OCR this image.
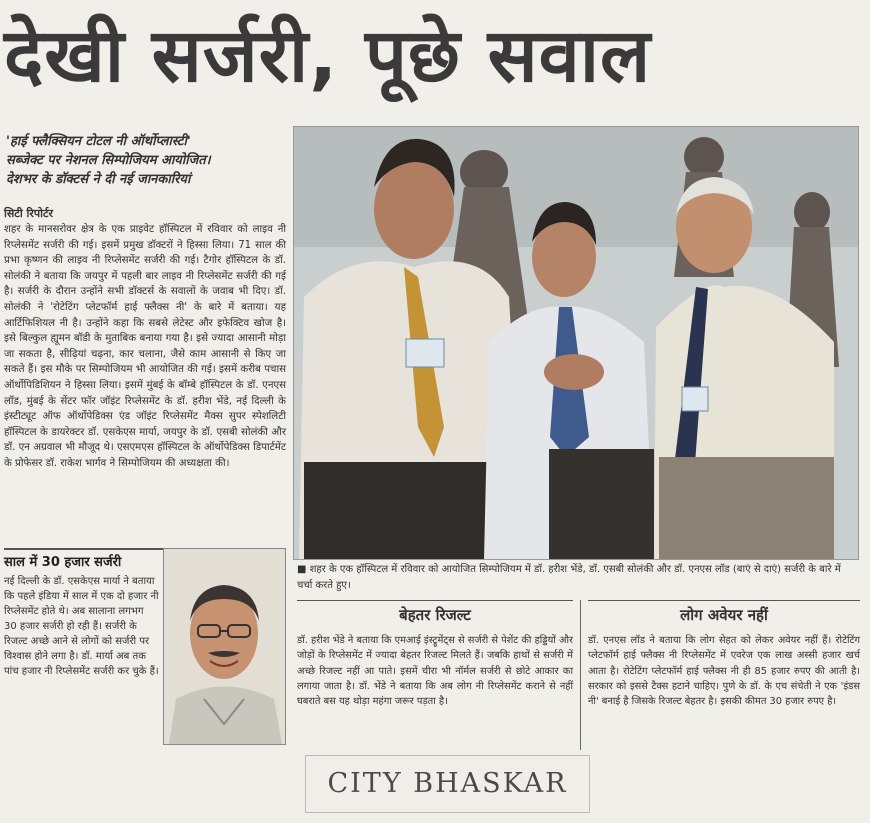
देखी सर्जरी, पूछे सवाल
'हाई फ्लैक्सियन टोटल नी ऑर्थोप्लास्टी'
सब्जेक्ट पर नेशनल सिम्पोजियम आयोजित।
देशभर के डॉक्टर्स ने दी नई जानकारियां
सिटी रिपोर्टर
शहर के मानसरोवर क्षेत्र के एक प्राइवेट हॉस्पिटल में रविवार को लाइव नी रिप्लेसमेंट सर्जरी की गई। इसमें प्रमुख डॉक्टरों ने हिस्सा लिया। 71 साल की प्रभा कृष्णन की लाइव नी रिप्लेसमेंट सर्जरी की गई। टैगोर हॉस्पिटल के डॉ. सोलंकी ने बताया कि जयपुर में पहली बार लाइव नी रिप्लेसमेंट सर्जरी की गई है। सर्जरी के दौरान उन्होंने सभी डॉक्टर्स के सवालों के जवाब भी दिए। डॉ. सोलंकी ने 'रोटेटिंग प्लेटफॉर्म हाई फ्लैक्स नी' के बारे में बताया। यह आर्टिफिशियल नी है। उन्होंने कहा कि सबसे लेटेस्ट और इफेक्टिव खोज है। इसे बिल्कुल ह्यूमन बॉडी के मुताबिक बनाया गया है। इसे ज्यादा आसानी मोड़ा जा सकता है, सीढ़ियां चढ़ना, कार चलाना, जैसे काम आसानी से किए जा सकते हैं। इस मौके पर सिम्पोजियम भी आयोजित की गई। इसमें करीब पचास ऑर्थोपिडिशियन ने हिस्सा लिया। इसमें मुंबई के बॉम्बे हॉस्पिटल के डॉ. एनएस लॉड, मुंबई के सेंटर फॉर जॉइंट रिप्लेसमेंट के डॉ. हरीश भेंडे, नई दिल्ली के इंस्टीट्यूट ऑफ ऑर्थोपेडिक्स एंड जॉइंट रिप्लेसमेंट मैक्स सुपर स्पेशलिटी हॉस्पिटल के डायरेक्टर डॉ. एसकेएस मार्या, जयपुर के डॉ. एसबी सोलंकी और डॉ. एन अग्रवाल भी मौजूद थे। एसएमएस हॉस्पिटल के ऑर्थोपेडिक्स डिपार्टमेंट के प्रोफेसर डॉ. राकेश भार्गव ने सिम्पोजियम की अध्यक्षता की।
साल में 30 हजार सर्जरी
नई दिल्ली के डॉ. एसकेएस मार्या ने बताया कि पहले इंडिया में साल में एक दो हजार नी रिप्लेसमेंट होते थे। अब सालाना लगभग 30 हजार सर्जरी हो रही हैं। सर्जरी के रिजल्ट अच्छे आने से लोगों को सर्जरी पर विश्वास होने लगा है। डॉ. मार्या अब तक पांच हजार नी रिप्लेसमेंट सर्जरी कर चुके हैं।
■ शहर के एक हॉस्पिटल में रविवार को आयोजित सिम्पोजियम में डॉ. हरीश भेंडे, डॉ. एसबी सोलंकी और डॉ. एनएस लॉड (बाएं से दाएं) सर्जरी के बारे में चर्चा करते हुए।
बेहतर रिजल्ट
डॉ. हरीश भेंडे ने बताया कि एमआई इंस्ट्रूमेंट्स से सर्जरी से पेशेंट की हड्डियों और जोड़ों के रिप्लेसमेंट में ज्यादा बेहतर रिजल्ट मिलते हैं। जबकि हाथों से सर्जरी में अच्छे रिजल्ट नहीं आ पाते। इसमें चीरा भी नॉर्मल सर्जरी से छोटे आकार का लगाया जाता है। डॉ. भेंडे ने बताया कि अब लोग नी रिप्लेसमेंट कराने से नहीं घबराते बस यह थोड़ा महंगा जरूर पड़ता है।
लोग अवेयर नहीं
डॉ. एनएस लॉड ने बताया कि लोग सेहत को लेकर अवेयर नहीं हैं। रोटेटिंग प्लेटफॉर्म हाई फ्लैक्स नी रिप्लेसमेंट में एवरेज एक लाख अस्सी हजार खर्च आता है। रोटेटिंग प्लेटफॉर्म हाई फ्लैक्स नी ही 85 हजार रुपए की आती है। सरकार को इससे टैक्स हटाने चाहिए। पुणे के डॉ. के एच संचेती ने एक 'इंडस नी' बनाई है जिसके रिजल्ट बेहतर है। इसकी कीमत 30 हजार रुपए है।
CITY BHASKAR
